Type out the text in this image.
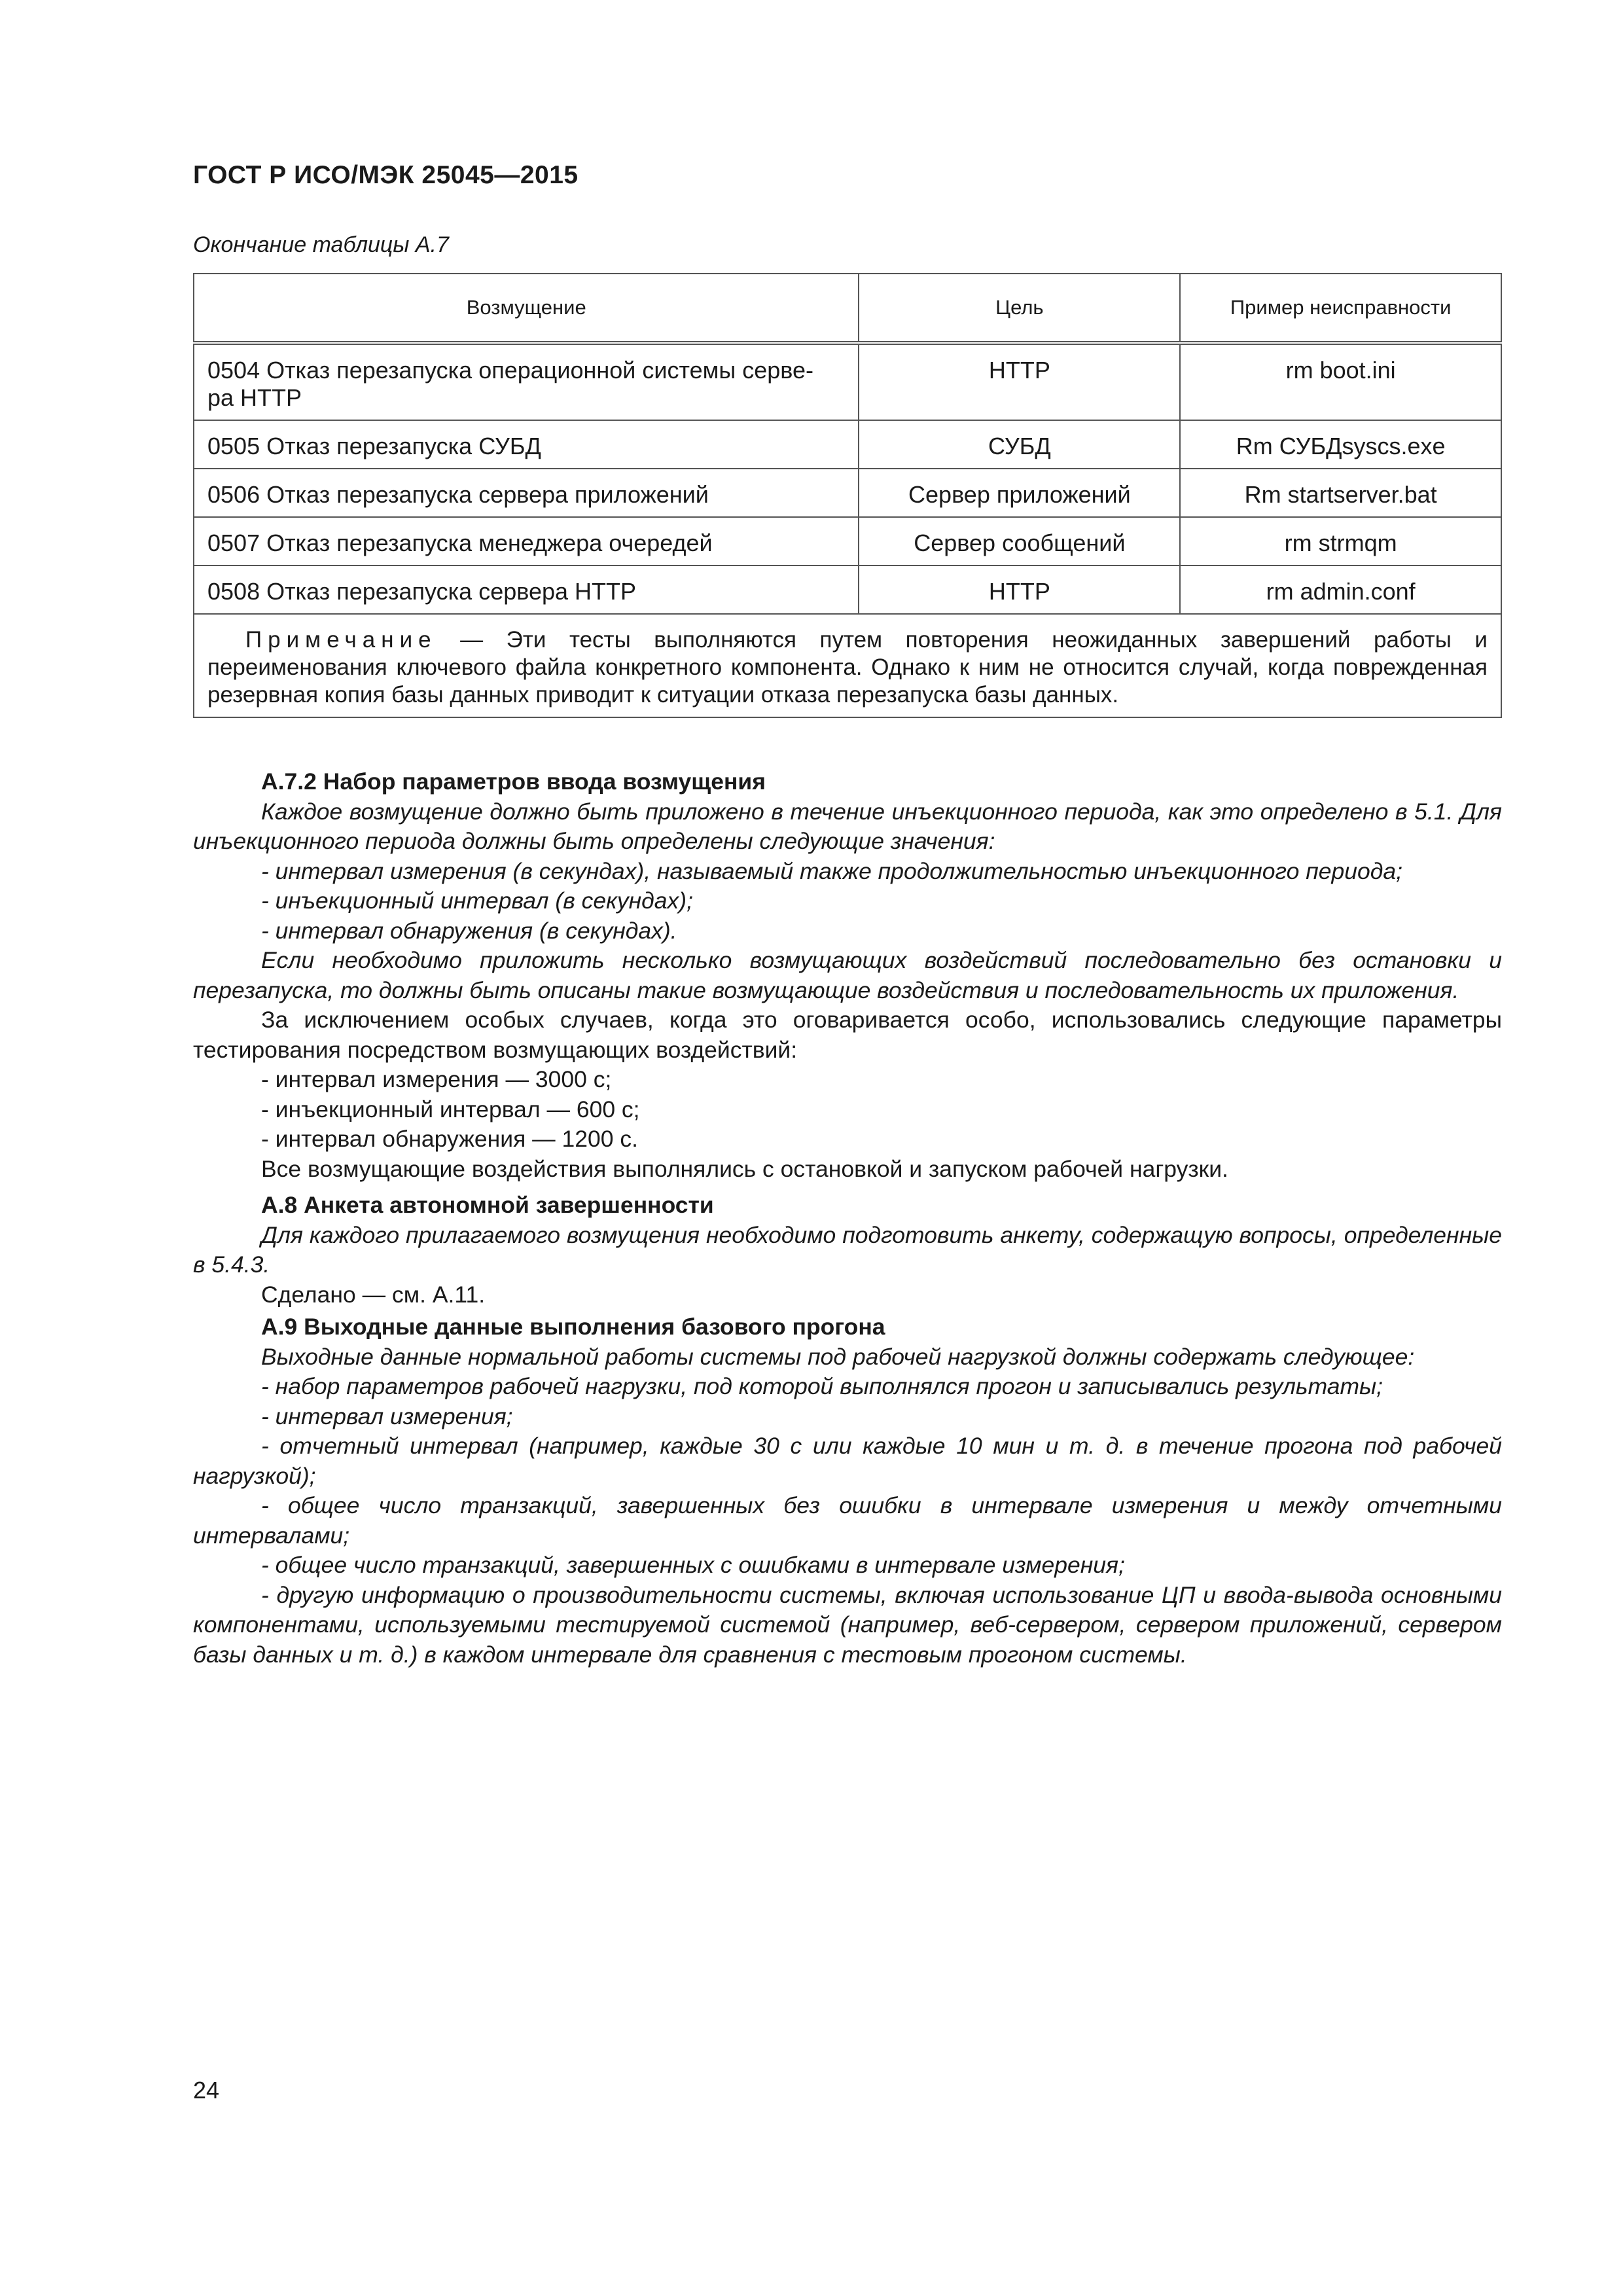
ГОСТ Р ИСО/МЭК 25045—2015
Окончание таблицы А.7
Возмущение	Цель	Пример неисправности
0504 Отказ перезапуска операционной системы серве-
ра HTTP	HTTP	rm boot.ini
0505 Отказ перезапуска СУБД	СУБД	Rm СУБДsyscs.exe
0506 Отказ перезапуска сервера приложений	Сервер приложений	Rm startserver.bat
0507 Отказ перезапуска менеджера очередей	Сервер сообщений	rm strmqm
0508 Отказ перезапуска сервера HTTP	HTTP	rm admin.conf
Примечание — Эти тесты выполняются путем повторения неожиданных завершений работы и переименования ключевого файла конкретного компонента. Однако к ним не относится случай, когда поврежденная резервная копия базы данных приводит к ситуации отказа перезапуска базы данных.		

А.7.2 Набор параметров ввода возмущения

Каждое возмущение должно быть приложено в течение инъекционного периода, как это определено в 5.1. Для инъекционного периода должны быть определены следующие значения:

- интервал измерения (в секундах), называемый также продолжительностью инъекционного периода;

- инъекционный интервал (в секундах);

- интервал обнаружения (в секундах).

Если необходимо приложить несколько возмущающих воздействий последовательно без остановки и перезапуска, то должны быть описаны такие возмущающие воздействия и последовательность их приложения.

За исключением особых случаев, когда это оговаривается особо, использовались следующие параметры тестирования посредством возмущающих воздействий:

- интервал измерения — 3000 с;

- инъекционный интервал — 600 с;

- интервал обнаружения — 1200 с.

Все возмущающие воздействия выполнялись с остановкой и запуском рабочей нагрузки.

А.8 Анкета автономной завершенности

Для каждого прилагаемого возмущения необходимо подготовить анкету, содержащую вопросы, определенные в 5.4.3.

Сделано — см. А.11.

А.9 Выходные данные выполнения базового прогона

Выходные данные нормальной работы системы под рабочей нагрузкой должны содержать следующее:

- набор параметров рабочей нагрузки, под которой выполнялся прогон и записывались результаты;

- интервал измерения;

- отчетный интервал (например, каждые 30 с или каждые 10 мин и т. д. в течение прогона под рабочей нагрузкой);

- общее число транзакций, завершенных без ошибки в интервале измерения и между отчетными интервалами;

- общее число транзакций, завершенных с ошибками в интервале измерения;

- другую информацию о производительности системы, включая использование ЦП и ввода-вывода основными компонентами, используемыми тестируемой системой (например, веб-сервером, сервером приложений, сервером базы данных и т. д.) в каждом интервале для сравнения с тестовым прогоном системы.

24
